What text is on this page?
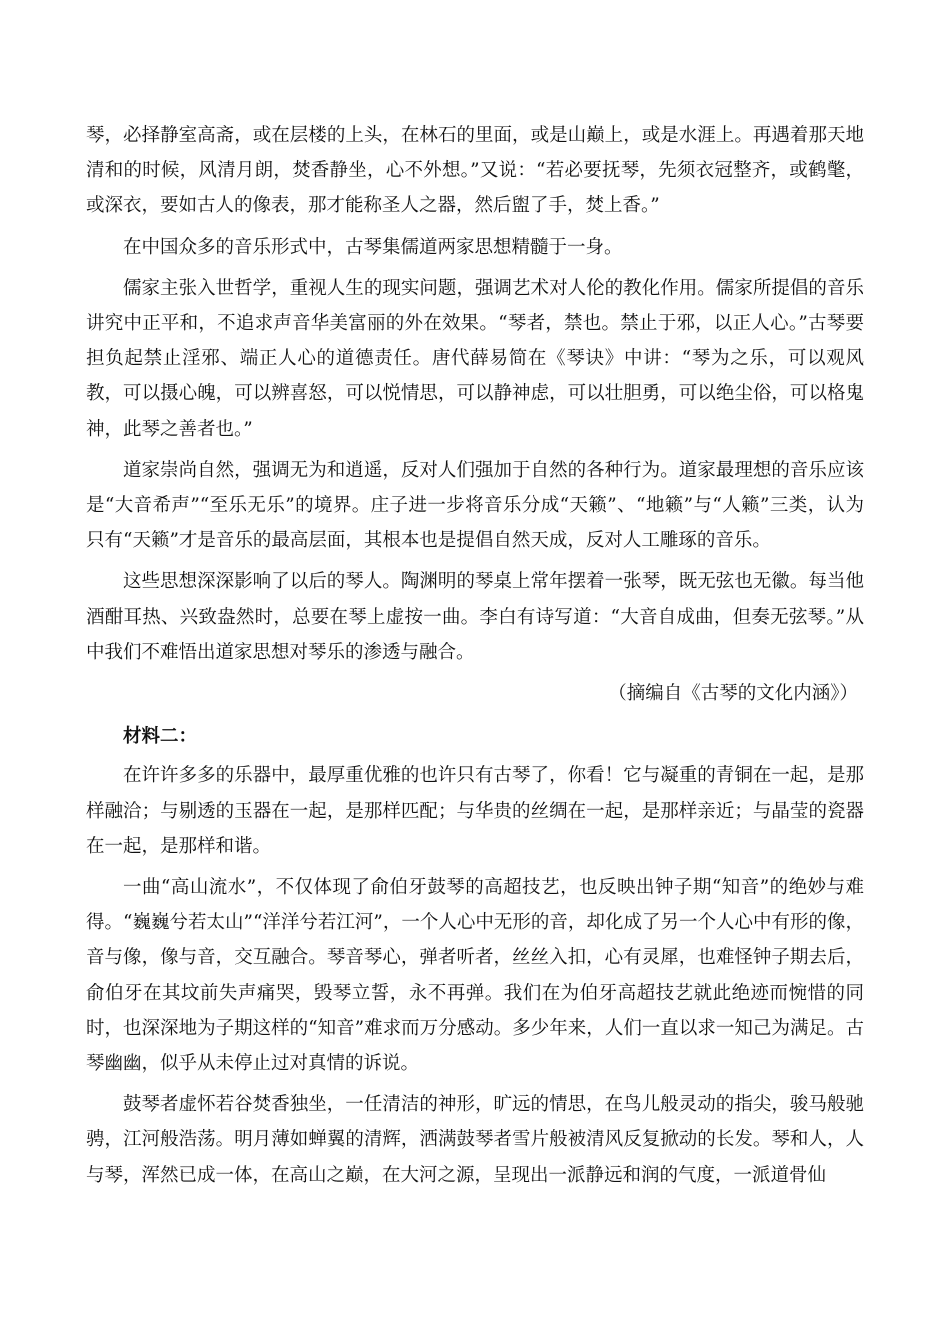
琴，必择静室高斋，或在层楼的上头，在林石的里面，或是山巅上，或是水涯上。再遇着那天地清和的时候，风清月朗，焚香静坐，心不外想。”又说：“若必要抚琴，先须衣冠整齐，或鹤氅，或深衣，要如古人的像表，那才能称圣人之器，然后盥了手，焚上香。”

在中国众多的音乐形式中，古琴集儒道两家思想精髓于一身。

儒家主张入世哲学，重视人生的现实问题，强调艺术对人伦的教化作用。儒家所提倡的音乐讲究中正平和，不追求声音华美富丽的外在效果。“琴者，禁也。禁止于邪，以正人心。”古琴要担负起禁止淫邪、端正人心的道德责任。唐代薛易简在《琴诀》中讲：“琴为之乐，可以观风教，可以摄心魄，可以辨喜怒，可以悦情思，可以静神虑，可以壮胆勇，可以绝尘俗，可以格鬼神，此琴之善者也。”

道家崇尚自然，强调无为和逍遥，反对人们强加于自然的各种行为。道家最理想的音乐应该是“大音希声”“至乐无乐”的境界。庄子进一步将音乐分成“天籁”、“地籁”与“人籁”三类，认为只有“天籁”才是音乐的最高层面，其根本也是提倡自然天成，反对人工雕琢的音乐。

这些思想深深影响了以后的琴人。陶渊明的琴桌上常年摆着一张琴，既无弦也无徽。每当他酒酣耳热、兴致盎然时，总要在琴上虚按一曲。李白有诗写道：“大音自成曲，但奏无弦琴。”从中我们不难悟出道家思想对琴乐的渗透与融合。

（摘编自《古琴的文化内涵》）

材料二：

在许许多多的乐器中，最厚重优雅的也许只有古琴了，你看！它与凝重的青铜在一起，是那样融洽；与剔透的玉器在一起，是那样匹配；与华贵的丝绸在一起，是那样亲近；与晶莹的瓷器在一起，是那样和谐。

一曲“高山流水”，不仅体现了俞伯牙鼓琴的高超技艺，也反映出钟子期“知音”的绝妙与难得。“巍巍兮若太山”“洋洋兮若江河”，一个人心中无形的音，却化成了另一个人心中有形的像，音与像，像与音，交互融合。琴音琴心，弹者听者，丝丝入扣，心有灵犀，也难怪钟子期去后，俞伯牙在其坟前失声痛哭，毁琴立誓，永不再弹。我们在为伯牙高超技艺就此绝迹而惋惜的同时，也深深地为子期这样的“知音”难求而万分感动。多少年来，人们一直以求一知己为满足。古琴幽幽，似乎从未停止过对真情的诉说。

鼓琴者虚怀若谷焚香独坐，一任清洁的神形，旷远的情思，在鸟儿般灵动的指尖，骏马般驰骋，江河般浩荡。明月薄如蝉翼的清辉，洒满鼓琴者雪片般被清风反复掀动的长发。琴和人，人与琴，浑然已成一体，在高山之巅，在大河之源，呈现出一派静远和润的气度，一派道骨仙
